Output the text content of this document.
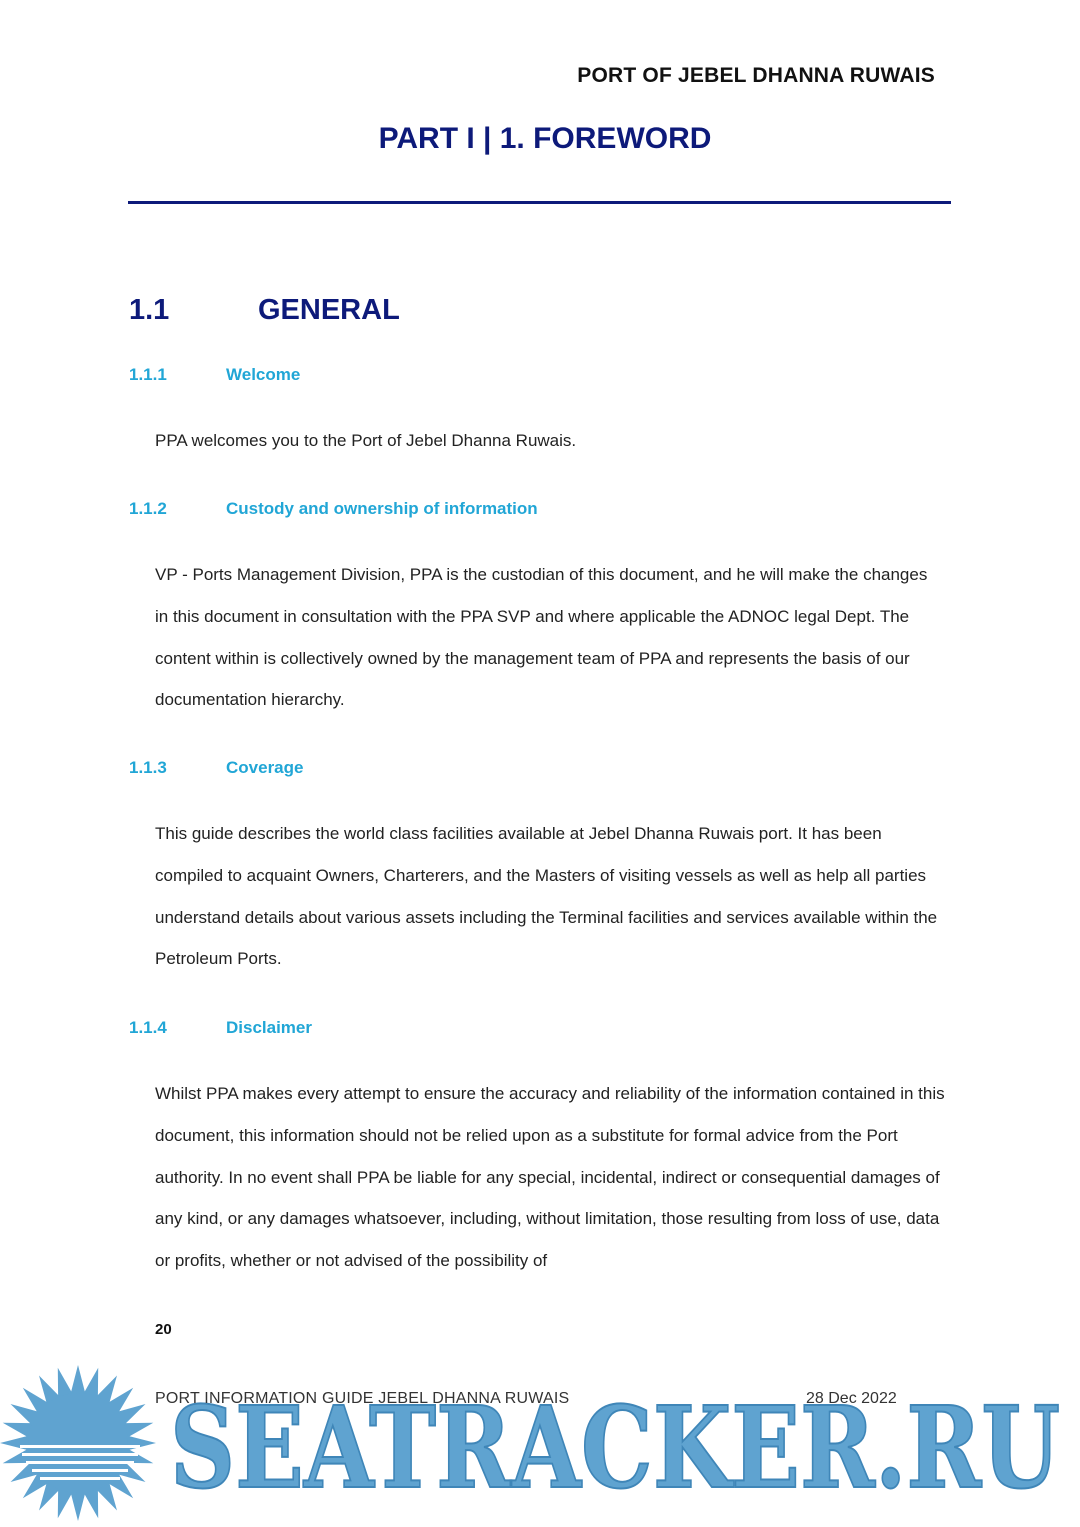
PORT OF JEBEL DHANNA RUWAIS
PART I | 1. FOREWORD
1.1	GENERAL
1.1.1	Welcome
PPA welcomes you to the Port of Jebel Dhanna Ruwais.
1.1.2	Custody and ownership of information
VP - Ports Management Division, PPA is the custodian of this document, and he will make the changes in this document in consultation with the PPA SVP and where applicable the ADNOC legal Dept. The content within is collectively owned by the management team of PPA and represents the basis of our documentation hierarchy.
1.1.3	Coverage
This guide describes the world class facilities available at Jebel Dhanna Ruwais port. It has been compiled to acquaint Owners, Charterers, and the Masters of visiting vessels as well as help all parties understand details about various assets including the Terminal facilities and services available within the Petroleum Ports.
1.1.4	Disclaimer
Whilst PPA makes every attempt to ensure the accuracy and reliability of the information contained in this document, this information should not be relied upon as a substitute for formal advice from the Port authority. In no event shall PPA be liable for any special, incidental, indirect or consequential damages of any kind, or any damages whatsoever, including, without limitation, those resulting from loss of use, data or profits, whether or not advised of the possibility of
20
SEATRACKER.RU
PORT INFORMATION GUIDE JEBEL DHANNA RUWAIS	28 Dec 2022
